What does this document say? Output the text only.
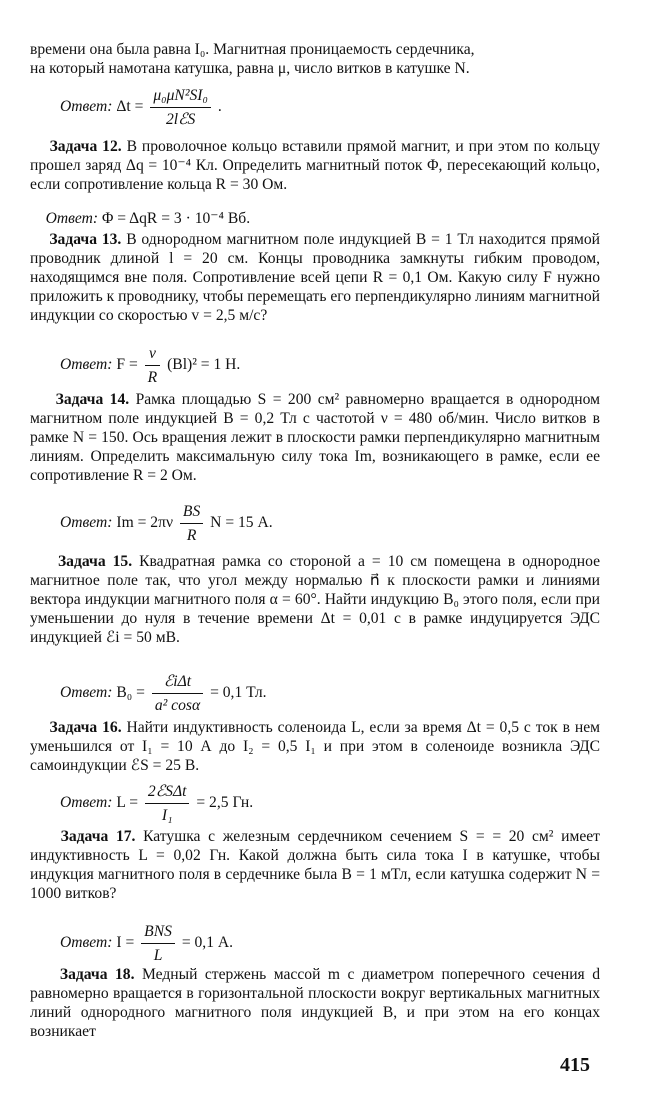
времени она была равна I₀. Магнитная проницаемость сердечника,
на который намотана катушка, равна μ, число витков в катушке N.
Ответ: $\Delta t = \frac{\text{μ₀μN²SI₀}}{\text{2lℰS}}$ .
Задача 12. В проволочное кольцо вставили прямой магнит, и при этом по кольцу прошел заряд Δq = 10⁻⁴ Кл. Определить магнитный поток Φ, пересекающий кольцо, если сопротивление кольца R = 30 Ом.
Ответ: Φ = ΔqR = 3 · 10⁻⁴ Вб.
Задача 13. В однородном магнитном поле индукцией B = 1 Тл находится прямой проводник длиной l = 20 см. Концы проводника замкнуты гибким проводом, находящимся вне поля. Сопротивление всей цепи R = 0,1 Ом. Какую силу F нужно приложить к проводнику, чтобы перемещать его перпендикулярно линиям магнитной индукции со скоростью v = 2,5 м/с?
Ответ: $F = \frac{v}{R} (Bl)^2 = 1$ Н.
Задача 14. Рамка площадью S = 200 см² равномерно вращается в однородном магнитном поле индукцией B = 0,2 Тл с частотой ν = 480 об/мин. Число витков в рамке N = 150. Ось вращения лежит в плоскости рамки перпендикулярно магнитным линиям. Определить максимальную силу тока Im, возникающего в рамке, если ее сопротивление R = 2 Ом.
Ответ: $Im = 2\pi\nu \frac{BS}{R}$ N = 15 А.
Задача 15. Квадратная рамка со стороной a = 10 см помещена в однородное магнитное поле так, что угол между нормалью n⃗ к плоскости рамки и линиями вектора индукции магнитного поля α = 60°. Найти индукцию B₀ этого поля, если при уменьшении до нуля в течение времени Δt = 0,01 с в рамке индуцируется ЭДС индукцией ℰi = 50 мВ.
Ответ: $B_0 = \frac{\text{ℰiΔt}}{\text{a² cosα}} = 0,1$ Тл.
Задача 16. Найти индуктивность соленоида L, если за время Δt = 0,5 с ток в нем уменьшился от I₁ = 10 А до I₂ = 0,5 I₁ и при этом в соленоиде возникла ЭДС самоиндукции ℰS = 25 В.
Ответ: $L = \frac{\text{2ℰSΔt}}{\text{I₁}} = 2,5$ Гн.
Задача 17. Катушка с железным сердечником сечением S = = 20 см² имеет индуктивность L = 0,02 Гн. Какой должна быть сила тока I в катушке, чтобы индукция магнитного поля в сердечнике была B = 1 мТл, если катушка содержит N = 1000 витков?
Ответ: $I = \frac{\text{BNS}}{L} = 0,1$ А.
Задача 18. Медный стержень массой m с диаметром поперечного сечения d равномерно вращается в горизонтальной плоскости вокруг вертикальных магнитных линий однородного магнитного поля индукцией B, и при этом на его концах возникает
415
